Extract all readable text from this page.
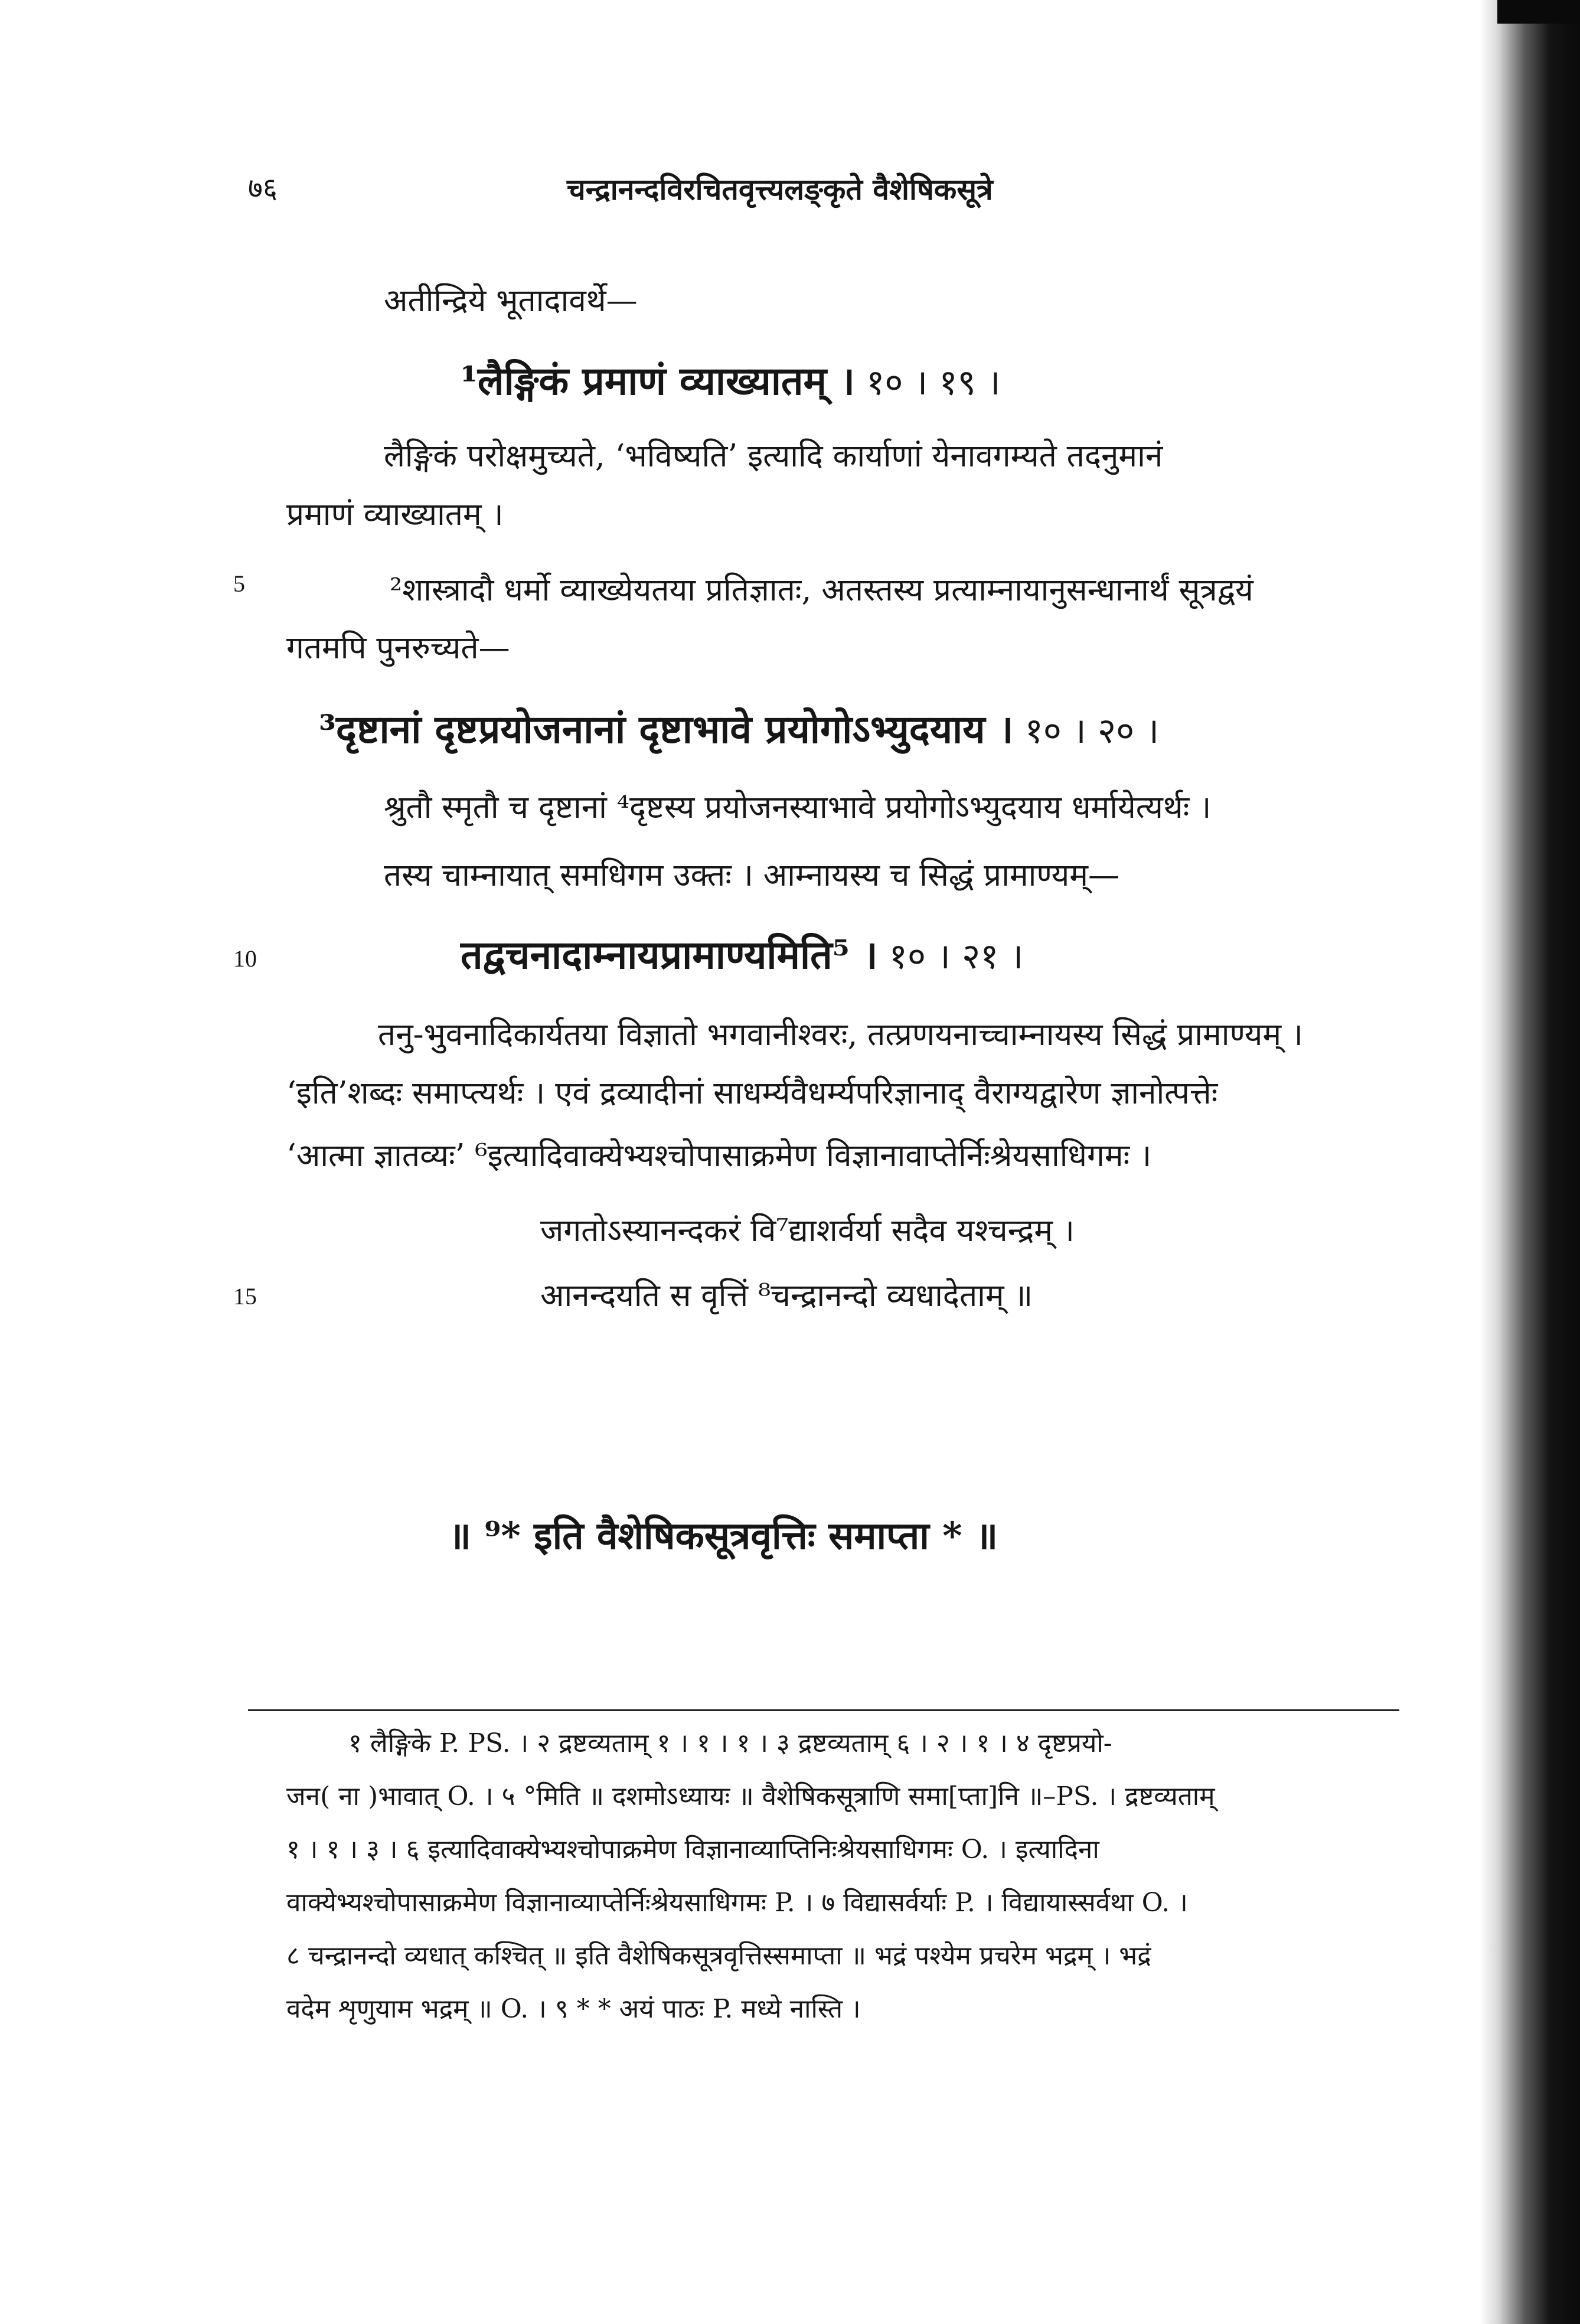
७६	चन्द्रानन्दविरचितवृत्त्यलङ्कृते वैशेषिकसूत्रे
अतीन्द्रिये भूतादावर्थे—
¹लैङ्गिकं प्रमाणं व्याख्यातम् । १० । १९ ।
लैङ्गिकं परोक्षमुच्यते, ‘भविष्यति’ इत्यादि कार्याणां येनावगम्यते तदनुमानं
प्रमाणं व्याख्यातम् ।
5	²शास्त्रादौ धर्मो व्याख्येयतया प्रतिज्ञातः, अतस्तस्य प्रत्याम्नायानुसन्धानार्थं सूत्रद्वयं
गतमपि पुनरुच्यते—
³दृष्टानां दृष्टप्रयोजनानां दृष्टाभावे प्रयोगोऽभ्युदयाय । १० । २० ।
श्रुतौ स्मृतौ च दृष्टानां ⁴दृष्टस्य प्रयोजनस्याभावे प्रयोगोऽभ्युदयाय धर्मायेत्यर्थः ।
तस्य चाम्नायात् समधिगम उक्तः । आम्नायस्य च सिद्धं प्रामाण्यम्—
10	तद्वचनादाम्नायप्रामाण्यमिति⁵ । १० । २१ ।
तनु-भुवनादिकार्यतया विज्ञातो भगवानीश्वरः, तत्प्रणयनाच्चाम्नायस्य सिद्धं प्रामाण्यम् ।
‘इति’शब्दः समाप्त्यर्थः । एवं द्रव्यादीनां साधर्म्यवैधर्म्यपरिज्ञानाद् वैराग्यद्वारेण ज्ञानोत्पत्तेः
‘आत्मा ज्ञातव्यः’ ⁶इत्यादिवाक्येभ्यश्चोपासाक्रमेण विज्ञानावाप्तेर्निःश्रेयसाधिगमः ।
जगतोऽस्यानन्दकरं वि⁷द्याशर्वर्या सदैव यश्चन्द्रम् ।
15	आनन्दयति स वृत्तिं ⁸चन्द्रानन्दो व्यधादेताम् ॥
॥ ⁹* इति वैशेषिकसूत्रवृत्तिः समाप्ता * ॥
१ लैङ्गिके P. PS. । २ द्रष्टव्यताम् १ । १ । १ । ३ द्रष्टव्यताम् ६ । २ । १ । ४ दृष्टप्रयो-
जन( ना )भावात् O. । ५ °मिति ॥ दशमोऽध्यायः ॥ वैशेषिकसूत्राणि समा[प्ता]नि ॥–PS. । द्रष्टव्यताम्
१ । १ । ३ । ६ इत्यादिवाक्येभ्यश्चोपाक्रमेण विज्ञानाव्याप्तिनिःश्रेयसाधिगमः O. । इत्यादिना
वाक्येभ्यश्चोपासाक्रमेण विज्ञानाव्याप्तेर्निःश्रेयसाधिगमः P. । ७ विद्यासर्वर्याः P. । विद्यायास्सर्वथा O. ।
८ चन्द्रानन्दो व्यधात् कश्चित् ॥ इति वैशेषिकसूत्रवृत्तिस्समाप्ता ॥ भद्रं पश्येम प्रचरेम भद्रम् । भद्रं
वदेम शृणुयाम भद्रम् ॥ O. । ९ * * अयं पाठः P. मध्ये नास्ति ।
